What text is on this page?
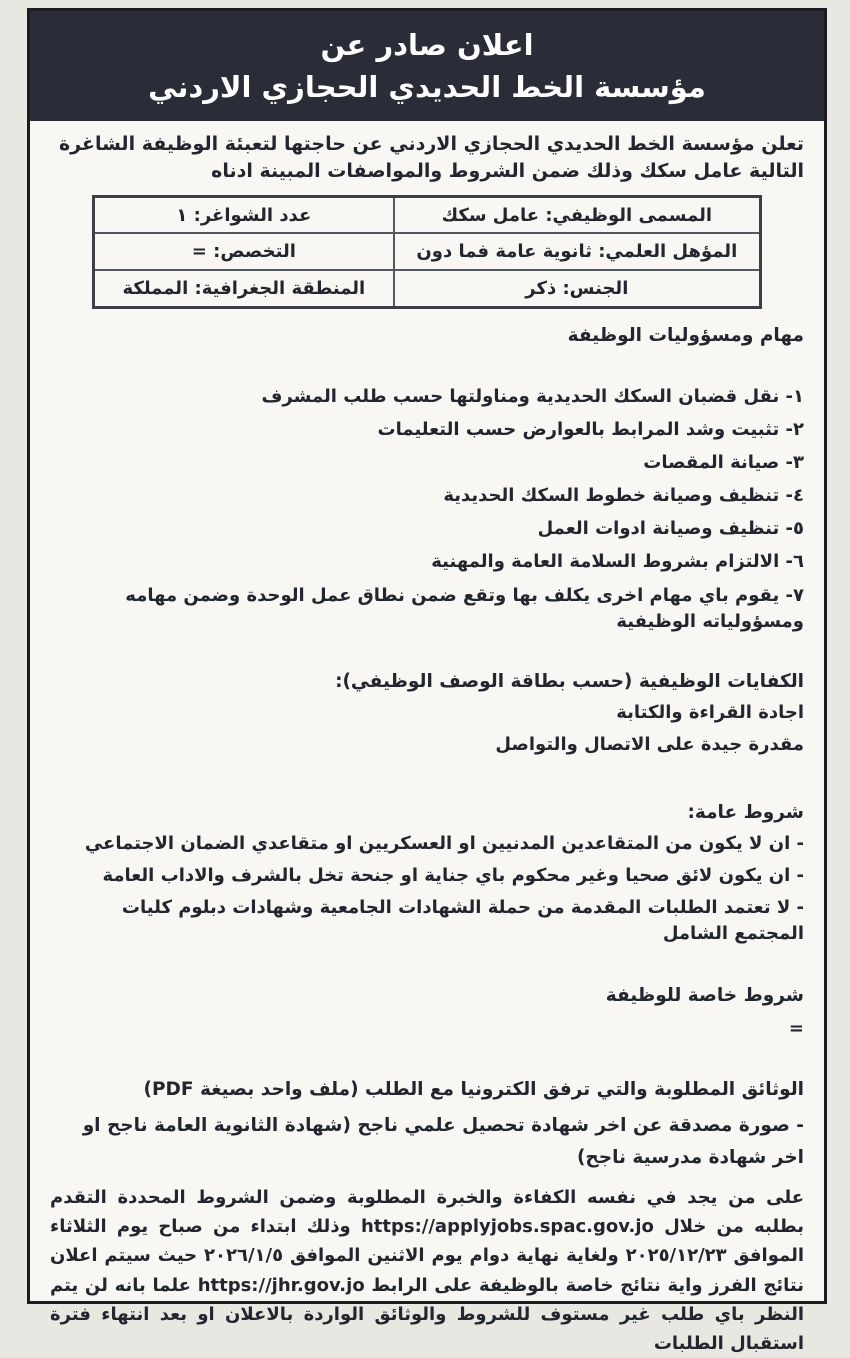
اعلان صادر عن
مؤسسة الخط الحديدي الحجازي الاردني
تعلن مؤسسة الخط الحديدي الحجازي الاردني عن حاجتها لتعبئة الوظيفة الشاغرة التالية عامل سكك وذلك ضمن الشروط والمواصفات المبينة ادناه
المسمى الوظيفي: عامل سكك	عدد الشواغر: ١
المؤهل العلمي: ثانوية عامة فما دون	التخصص: =
الجنس: ذكر	المنطقة الجغرافية: المملكة
مهام ومسؤوليات الوظيفة
١- نقل قضبان السكك الحديدية ومناولتها حسب طلب المشرف
٢- تثبيت وشد المرابط بالعوارض حسب التعليمات
٣- صيانة المقصات
٤- تنظيف وصيانة خطوط السكك الحديدية
٥- تنظيف وصيانة ادوات العمل
٦- الالتزام بشروط السلامة العامة والمهنية
٧- يقوم باي مهام اخرى يكلف بها وتقع ضمن نطاق عمل الوحدة وضمن مهامه ومسؤولياته الوظيفية
الكفايات الوظيفية (حسب بطاقة الوصف الوظيفي):
اجادة القراءة والكتابة
مقدرة جيدة على الاتصال والتواصل
شروط عامة:
- ان لا يكون من المتقاعدين المدنيين او العسكريين او متقاعدي الضمان الاجتماعي
- ان يكون لائق صحيا وغير محكوم باي جناية او جنحة تخل بالشرف والاداب العامة
- لا تعتمد الطلبات المقدمة من حملة الشهادات الجامعية وشهادات دبلوم كليات المجتمع الشامل
شروط خاصة للوظيفة
=
الوثائق المطلوبة والتي ترفق الكترونيا مع الطلب (ملف واحد بصيغة PDF)
- صورة مصدقة عن اخر شهادة تحصيل علمي ناجح (شهادة الثانوية العامة ناجح او اخر شهادة مدرسية ناجح)
على من يجد في نفسه الكفاءة والخبرة المطلوبة وضمن الشروط المحددة التقدم بطلبه من خلال https://applyjobs.spac.gov.jo وذلك ابتداء من صباح يوم الثلاثاء الموافق ٢٠٢٥/١٢/٢٣ ولغاية نهاية دوام يوم الاثنين الموافق ٢٠٢٦/١/٥ حيث سيتم اعلان نتائج الفرز واية نتائج خاصة بالوظيفة على الرابط https://jhr.gov.jo علما بانه لن يتم النظر باي طلب غير مستوف للشروط والوثائق الواردة بالاعلان او بعد انتهاء فترة استقبال الطلبات
